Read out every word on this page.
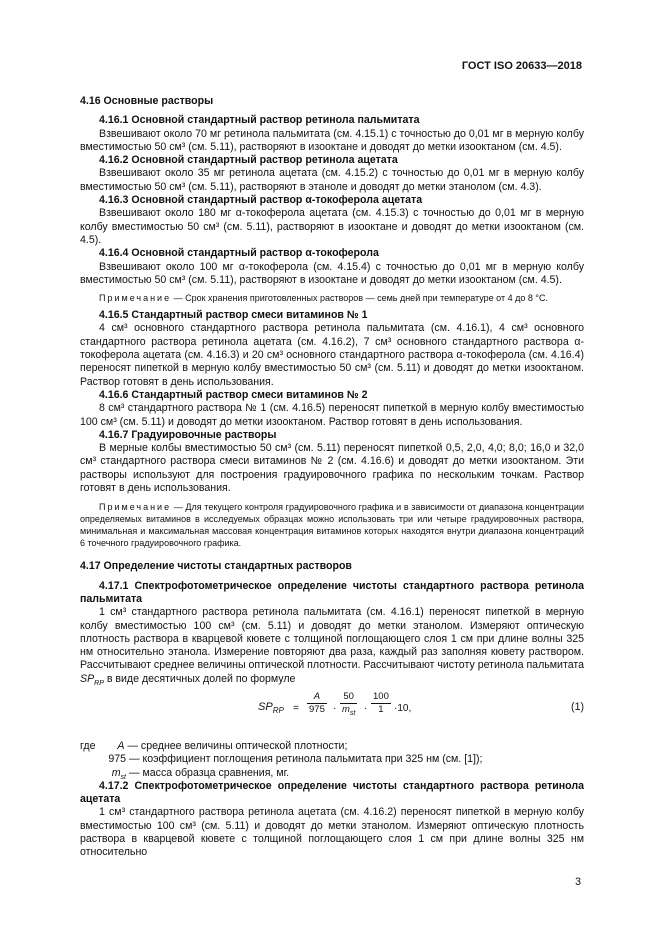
ГОСТ ISO 20633—2018

4.16 Основные растворы

4.16.1 Основной стандартный раствор ретинола пальмитата

Взвешивают около 70 мг ретинола пальмитата (см. 4.15.1) с точностью до 0,01 мг в мерную колбу вместимостью 50 см³ (см. 5.11), растворяют в изооктане и доводят до метки изооктаном (см. 4.5).

4.16.2 Основной стандартный раствор ретинола ацетата

Взвешивают около 35 мг ретинола ацетата (см. 4.15.2) с точностью до 0,01 мг в мерную колбу вместимостью 50 см³ (см. 5.11), растворяют в этаноле и доводят до метки этанолом (см. 4.3).

4.16.3 Основной стандартный раствор α-токоферола ацетата

Взвешивают около 180 мг α-токоферола ацетата (см. 4.15.3) с точностью до 0,01 мг в мерную колбу вместимостью 50 см³ (см. 5.11), растворяют в изооктане и доводят до метки изооктаном (см. 4.5).

4.16.4 Основной стандартный раствор α-токоферола

Взвешивают около 100 мг α-токоферола (см. 4.15.4) с точностью до 0,01 мг в мерную колбу вместимостью 50 см³ (см. 5.11), растворяют в изооктане и доводят до метки изооктаном (см. 4.5).

Примечание — Срок хранения приготовленных растворов — семь дней при температуре от 4 до 8 °С.

4.16.5 Стандартный раствор смеси витаминов № 1

4 см³ основного стандартного раствора ретинола пальмитата (см. 4.16.1), 4 см³ основного стандартного раствора ретинола ацетата (см. 4.16.2), 7 см³ основного стандартного раствора α-токоферола ацетата (см. 4.16.3) и 20 см³ основного стандартного раствора α-токоферола (см. 4.16.4) переносят пипеткой в мерную колбу вместимостью 50 см³ (см. 5.11) и доводят до метки изооктаном. Раствор готовят в день использования.

4.16.6 Стандартный раствор смеси витаминов № 2

8 см³ стандартного раствора № 1 (см. 4.16.5) переносят пипеткой в мерную колбу вместимостью 100 см³ (см. 5.11) и доводят до метки изооктаном. Раствор готовят в день использования.

4.16.7 Градуировочные растворы

В мерные колбы вместимостью 50 см³ (см. 5.11) переносят пипеткой 0,5, 2,0, 4,0; 8,0; 16,0 и 32,0 см³ стандартного раствора смеси витаминов № 2 (см. 4.16.6) и доводят до метки изооктаном. Эти растворы используют для построения градуировочного графика по нескольким точкам. Раствор готовят в день использования.

Примечание — Для текущего контроля градуировочного графика и в зависимости от диапазона концентрации определяемых витаминов в исследуемых образцах можно использовать три или четыре градуировочных раствора, минимальная и максимальная массовая концентрация витаминов которых находятся внутри диапазона концентраций 6 точечного градуировочного графика.

4.17 Определение чистоты стандартных растворов

4.17.1 Спектрофотометрическое определение чистоты стандартного раствора ретинола пальмитата

1 см³ стандартного раствора ретинола пальмитата (см. 4.16.1) переносят пипеткой в мерную колбу вместимостью 100 см³ (см. 5.11) и доводят до метки этанолом. Измеряют оптическую плотность раствора в кварцевой кювете с толщиной поглощающего слоя 1 см при длине волны 325 нм относительно этанола. Измерение повторяют два раза, каждый раз заполняя кювету раствором. Рассчитывают среднее величины оптической плотности. Рассчитывают чистоту ретинола пальмитата $SP_{RP}$ в виде десятичных долей по формуле

$SP_{RP} = \frac{A}{975}$ ·
50
$m_{st} \cdot \frac{100}{1} \cdot 10$,	(1)

где A — среднее величины оптической плотности;

975 — коэффициент поглощения ретинола пальмитата при 325 нм (см. [1]);

$m_{st}$ — масса образца сравнения, мг.

4.17.2 Спектрофотометрическое определение чистоты стандартного раствора ретинола ацетата

1 см³ стандартного раствора ретинола ацетата (см. 4.16.2) переносят пипеткой в мерную колбу вместимостью 100 см³ (см. 5.11) и доводят до метки этанолом. Измеряют оптическую плотность раствора в кварцевой кювете с толщиной поглощающего слоя 1 см при длине волны 325 нм относительно

3
